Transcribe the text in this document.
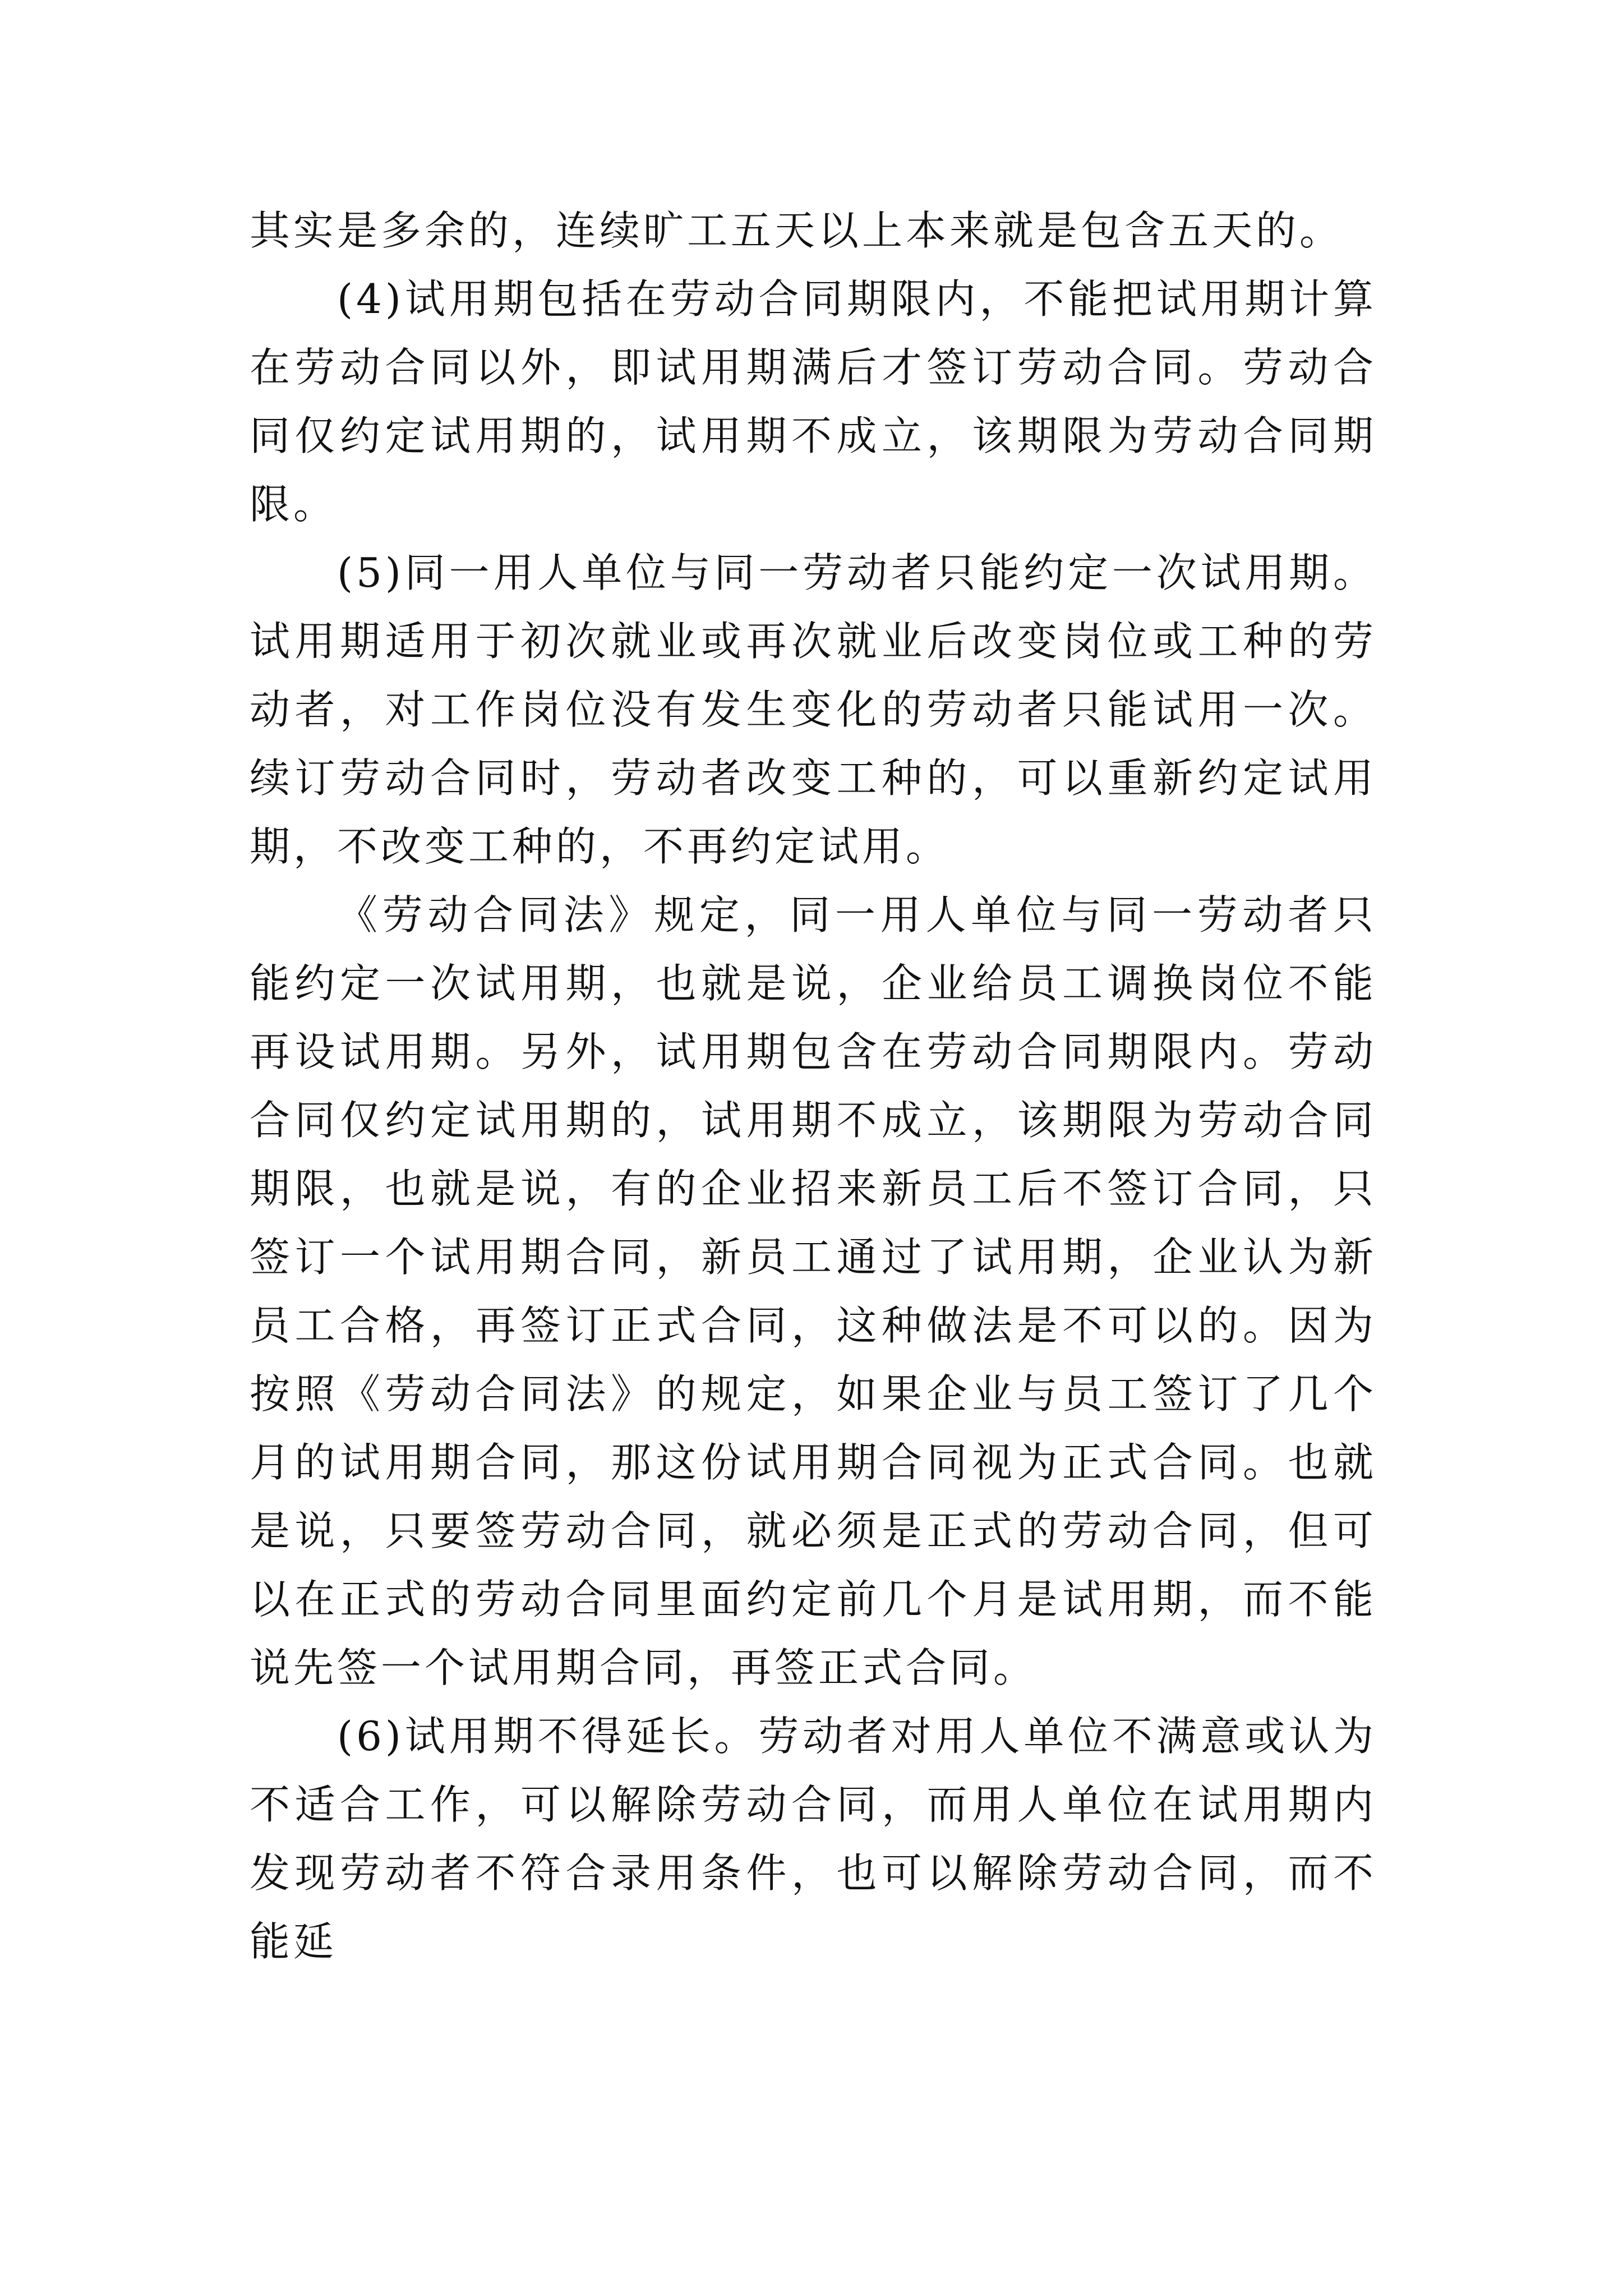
其实是多余的，连续旷工五天以上本来就是包含五天的。

(4)试用期包括在劳动合同期限内，不能把试用期计算在劳动合同以外，即试用期满后才签订劳动合同。劳动合同仅约定试用期的，试用期不成立，该期限为劳动合同期限。

(5)同一用人单位与同一劳动者只能约定一次试用期。试用期适用于初次就业或再次就业后改变岗位或工种的劳动者，对工作岗位没有发生变化的劳动者只能试用一次。续订劳动合同时，劳动者改变工种的，可以重新约定试用期，不改变工种的，不再约定试用。

《劳动合同法》规定，同一用人单位与同一劳动者只能约定一次试用期，也就是说，企业给员工调换岗位不能再设试用期。另外，试用期包含在劳动合同期限内。劳动合同仅约定试用期的，试用期不成立，该期限为劳动合同期限，也就是说，有的企业招来新员工后不签订合同，只签订一个试用期合同，新员工通过了试用期，企业认为新员工合格，再签订正式合同，这种做法是不可以的。因为按照《劳动合同法》的规定，如果企业与员工签订了几个月的试用期合同，那这份试用期合同视为正式合同。也就是说，只要签劳动合同，就必须是正式的劳动合同，但可以在正式的劳动合同里面约定前几个月是试用期，而不能说先签一个试用期合同，再签正式合同。

(6)试用期不得延长。劳动者对用人单位不满意或认为不适合工作，可以解除劳动合同，而用人单位在试用期内发现劳动者不符合录用条件，也可以解除劳动合同，而不能延
